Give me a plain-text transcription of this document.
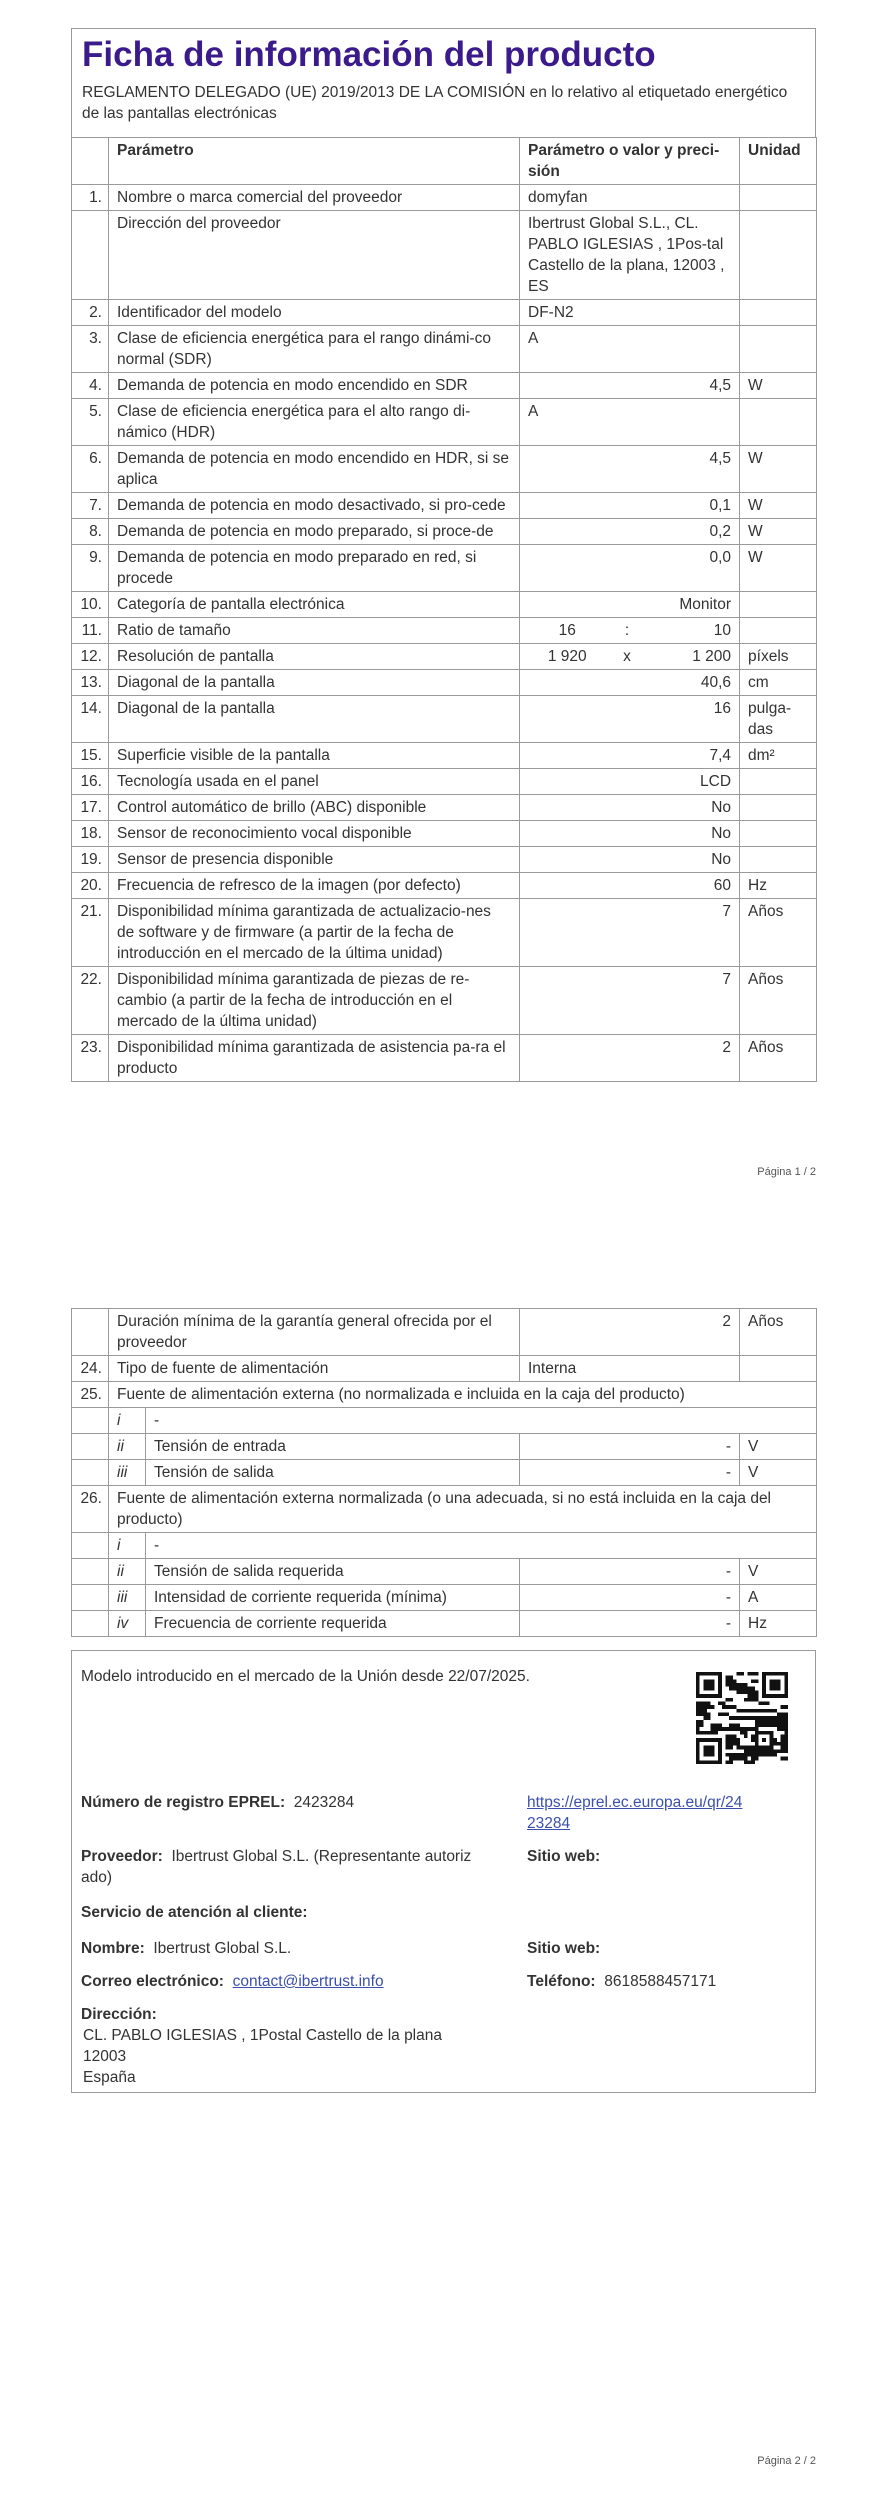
Ficha de información del producto
REGLAMENTO DELEGADO (UE) 2019/2013 DE LA COMISIÓN en lo relativo al etiquetado energético de las pantallas electrónicas
	Parámetro	Parámetro o valor y preci-sión			Unidad
1.	Nombre o marca comercial del proveedor	domyfan			
	Dirección del proveedor	Ibertrust Global S.L., CL. PABLO IGLESIAS , 1Pos-tal Castello de la plana, 12003 , ES			
2.	Identificador del modelo	DF-N2			
3.	Clase de eficiencia energética para el rango dinámi-co normal (SDR)	A			
4.	Demanda de potencia en modo encendido en SDR	4,5			W
5.	Clase de eficiencia energética para el alto rango di-námico (HDR)	A			
6.	Demanda de potencia en modo encendido en HDR, si se aplica	4,5			W
7.	Demanda de potencia en modo desactivado, si pro-cede	0,1			W
8.	Demanda de potencia en modo preparado, si proce-de	0,2			W
9.	Demanda de potencia en modo preparado en red, si procede	0,0			W
10.	Categoría de pantalla electrónica	Monitor			
11.	Ratio de tamaño	16	:	10	
12.	Resolución de pantalla	1 920	x	1 200	píxels
13.	Diagonal de la pantalla	40,6			cm
14.	Diagonal de la pantalla	16			pulga-das
15.	Superficie visible de la pantalla	7,4			dm²
16.	Tecnología usada en el panel	LCD			
17.	Control automático de brillo (ABC) disponible	No			
18.	Sensor de reconocimiento vocal disponible	No			
19.	Sensor de presencia disponible	No			
20.	Frecuencia de refresco de la imagen (por defecto)	60			Hz
21.	Disponibilidad mínima garantizada de actualizacio-nes de software y de firmware (a partir de la fecha de introducción en el mercado de la última unidad)	7			Años
22.	Disponibilidad mínima garantizada de piezas de re-cambio (a partir de la fecha de introducción en el mercado de la última unidad)	7			Años
23.	Disponibilidad mínima garantizada de asistencia pa-ra el producto	2			Años
Página 1 / 2
	Duración mínima de la garantía general ofrecida por el proveedor		2	Años
24.	Tipo de fuente de alimentación		Interna	
25.	Fuente de alimentación externa (no normalizada e incluida en la caja del producto)			
	i	-		
	ii	Tensión de entrada	-	V
	iii	Tensión de salida	-	V
26.	Fuente de alimentación externa normalizada (o una adecuada, si no está incluida en la caja del producto)			
	i	-		
	ii	Tensión de salida requerida	-	V
	iii	Intensidad de corriente requerida (mínima)	-	A
	iv	Frecuencia de corriente requerida	-	Hz
Modelo introducido en el mercado de la Unión desde 22/07/2025.
Número de registro EPREL: 2423284	https://eprel.ec.europa.eu/qr/24
23284
Proveedor: Ibertrust Global S.L. (Representante autoriz
ado)
Sitio web:
Servicio de atención al cliente:
Nombre: Ibertrust Global S.L.	Sitio web:
Correo electrónico: contact@ibertrust.info	Teléfono: 8618588457171
Dirección:
CL. PABLO IGLESIAS , 1Postal Castello de la plana
12003
España
Página 2 / 2
